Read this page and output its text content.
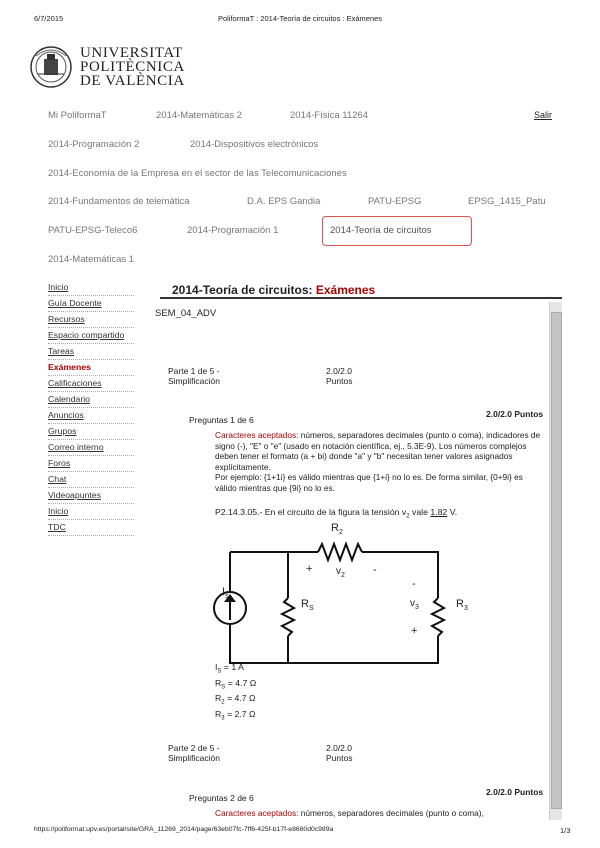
6/7/2015	PoliformaT : 2014-Teoría de circuitos : Exámenes
UNIVERSITAT
POLITÈCNICA
DE VALÈNCIA
Mi PoliformaT	2014-Matemáticas 2	2014-Física 11264	Salir
2014-Programación 2	2014-Dispositivos electrónicos
2014-Economía de la Empresa en el sector de las Telecomunicaciones
2014-Fundamentos de telemática	D.A. EPS Gandia	PATU-EPSG	EPSG_1415_Patu
PATU-EPSG-Teleco6	2014-Programación 1	2014-Teoría de circuitos
2014-Matemáticas 1
Inicio
Guía Docente
Recursos
Espacio compartido
Tareas
Exámenes
Calificaciones
Calendario
Anuncios
Grupos
Correo interno
Foros
Chat
Videoapuntes
Inicio
TDC
2014-Teoría de circuitos: Exámenes
SEM_04_ADV
Parte 1 de 5 -
Simplificación
2.0/2.0
Puntos
Preguntas 1 de 6
2.0/2.0 Puntos
Caracteres aceptados: números, separadores decimales (punto o coma), indicadores de signo (-), "E" o "e" (usado en notación científica, ej., 5.3E-9). Los números complejos deben tener el formato (a + bi) donde "a" y "b" necesitan tener valores asignados explícitamente.
Por ejemplo: {1+1i} es válido mientras que {1+i} no lo es. De forma similar, {0+9i} es válido mientras que {9i} no lo es.
P2.14.3.05.- En el circuito de la figura la tensión $v_2$ vale 1.82 V.
$I_s$
$R_2$
$R_S$	$R_3$
$v_2$
$v_3$
+	-
-
+
$I_S = 1$ A
$R_S = 4.7$ Ω
$R_2 = 4.7$ Ω
$R_3 = 2.7$ Ω
Parte 2 de 5 -
Simplificación
2.0/2.0
Puntos
2.0/2.0 Puntos
Preguntas 2 de 6
Caracteres aceptados: números, separadores decimales (punto o coma),
https://poliformat.upv.es/portal/site/GRA_11269_2014/page/63eb07fc-7ff6-425f-b17f-e8680d0c989a	1/3
